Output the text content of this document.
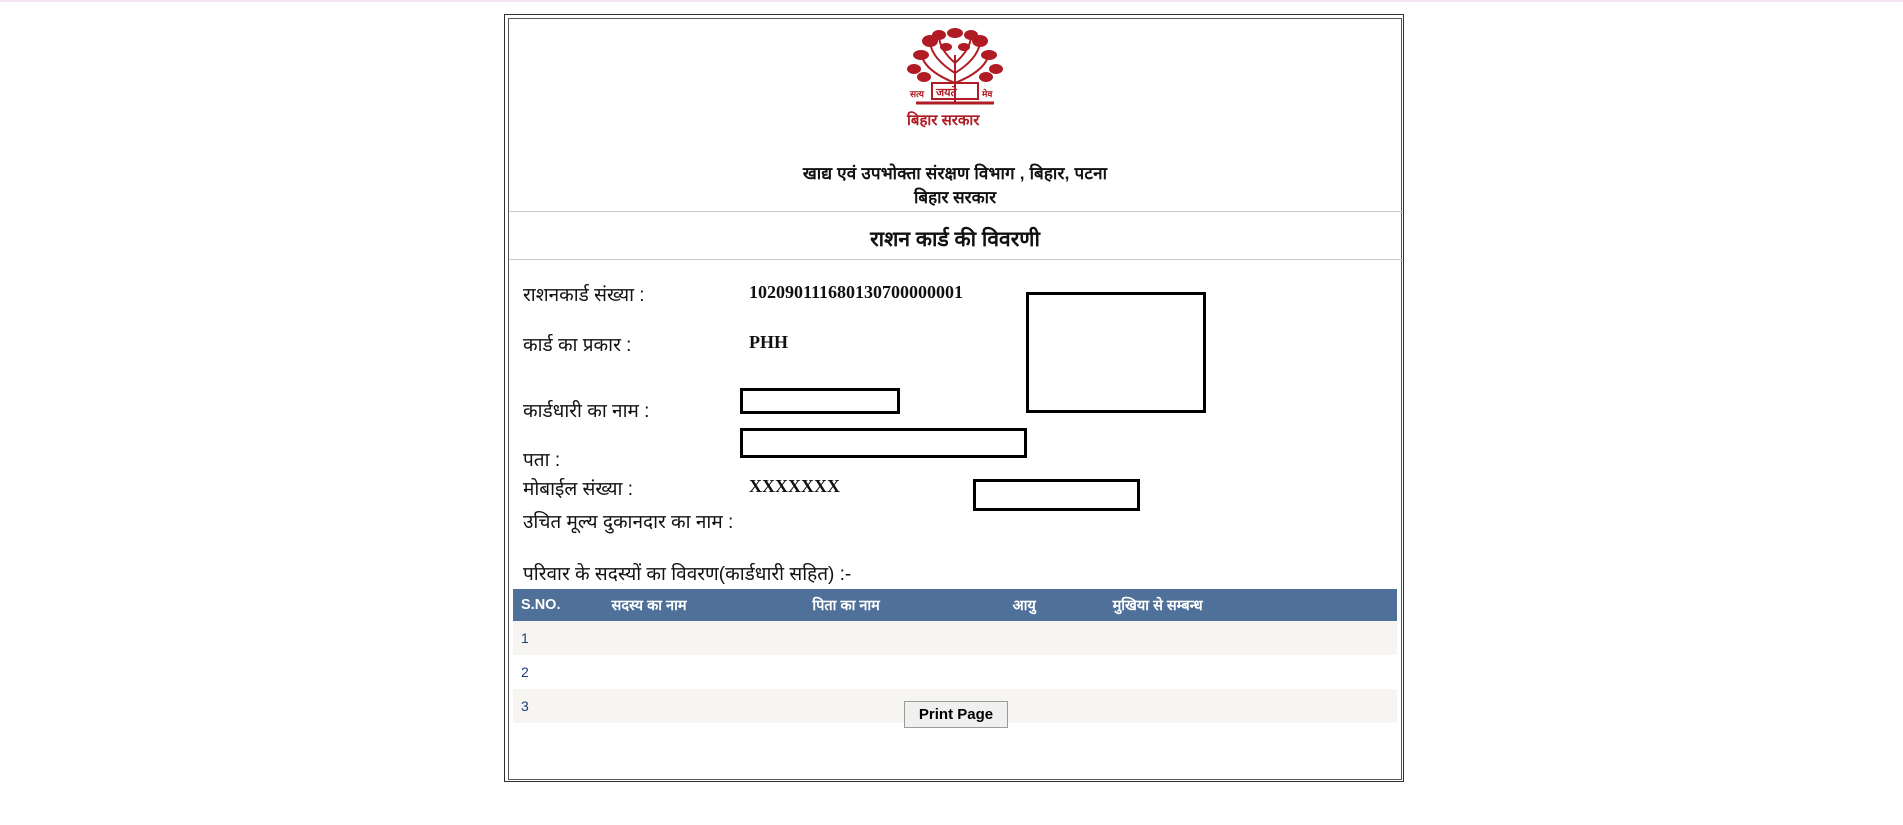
सत्य	मेव
जयते
बिहार सरकार
खाद्य एवं उपभोक्ता संरक्षण विभाग , बिहार, पटना
बिहार सरकार
राशन कार्ड की विवरणी
राशनकार्ड संख्या :	102090111680130700000001
कार्ड का प्रकार :	PHH
कार्डधारी का नाम :
पता :
मोबाईल संख्या :	XXXXXXX
उचित मूल्य दुकानदार का नाम :
परिवार के सदस्यों का विवरण(कार्डधारी सहित) :-
S.NO.	सदस्य का नाम	पिता का नाम	आयु	मुखिया से सम्बन्ध
1				
2				
3					Print Page
